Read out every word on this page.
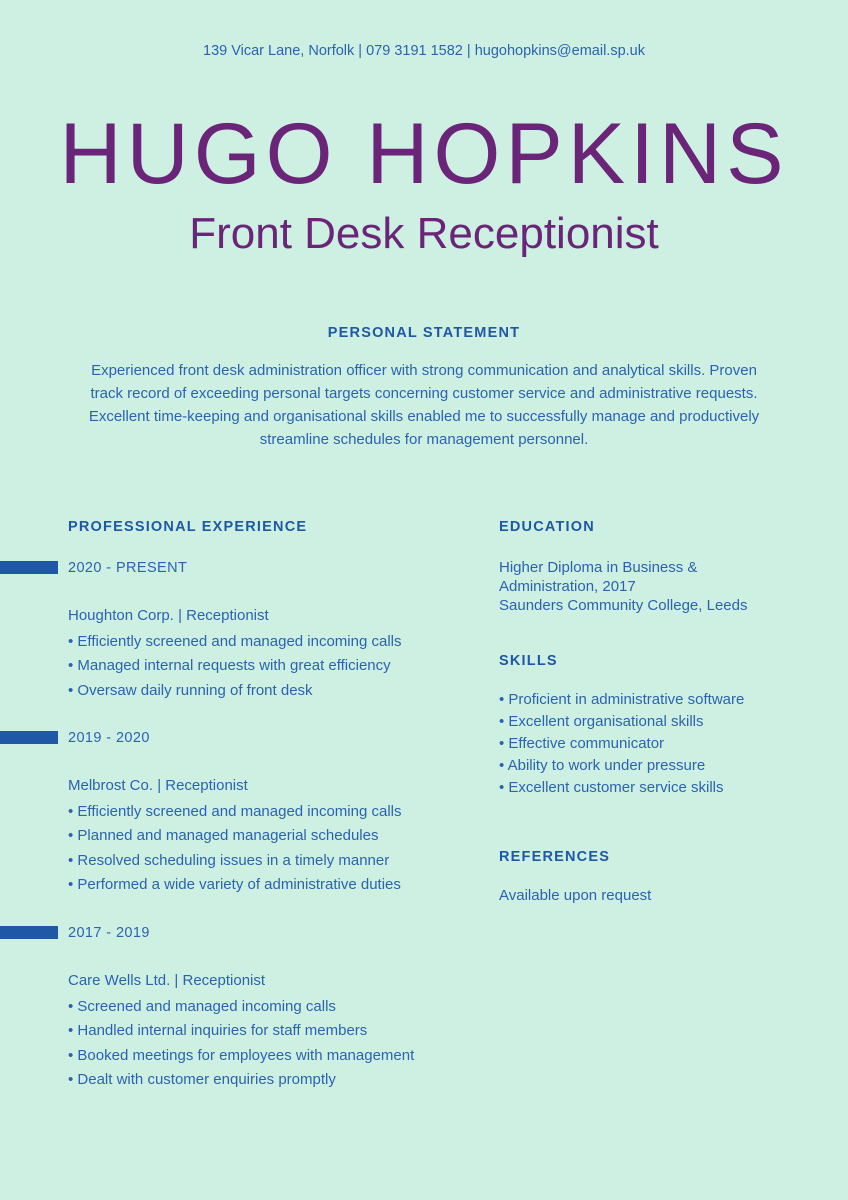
139 Vicar Lane, Norfolk | 079 3191 1582 | hugohopkins@email.sp.uk
HUGO HOPKINS
Front Desk Receptionist
PERSONAL STATEMENT
Experienced front desk administration officer with strong communication and analytical skills. Proven track record of exceeding personal targets concerning customer service and administrative requests. Excellent time-keeping and organisational skills enabled me to successfully manage and productively streamline schedules for management personnel.
PROFESSIONAL EXPERIENCE
2020 - PRESENT
Houghton Corp. | Receptionist
• Efficiently screened and managed incoming calls
• Managed internal requests with great efficiency
• Oversaw daily running of front desk
2019 - 2020
Melbrost Co. | Receptionist
• Efficiently screened and managed incoming calls
• Planned and managed managerial schedules
• Resolved scheduling issues in a timely manner
• Performed a wide variety of administrative duties
2017 - 2019
Care Wells Ltd. | Receptionist
• Screened and managed incoming calls
• Handled internal inquiries for staff members
• Booked meetings for employees with management
• Dealt with customer enquiries promptly
EDUCATION
Higher Diploma in Business &
Administration, 2017
Saunders Community College, Leeds
SKILLS
• Proficient in administrative software
• Excellent organisational skills
• Effective communicator
• Ability to work under pressure
• Excellent customer service skills
REFERENCES
Available upon request
